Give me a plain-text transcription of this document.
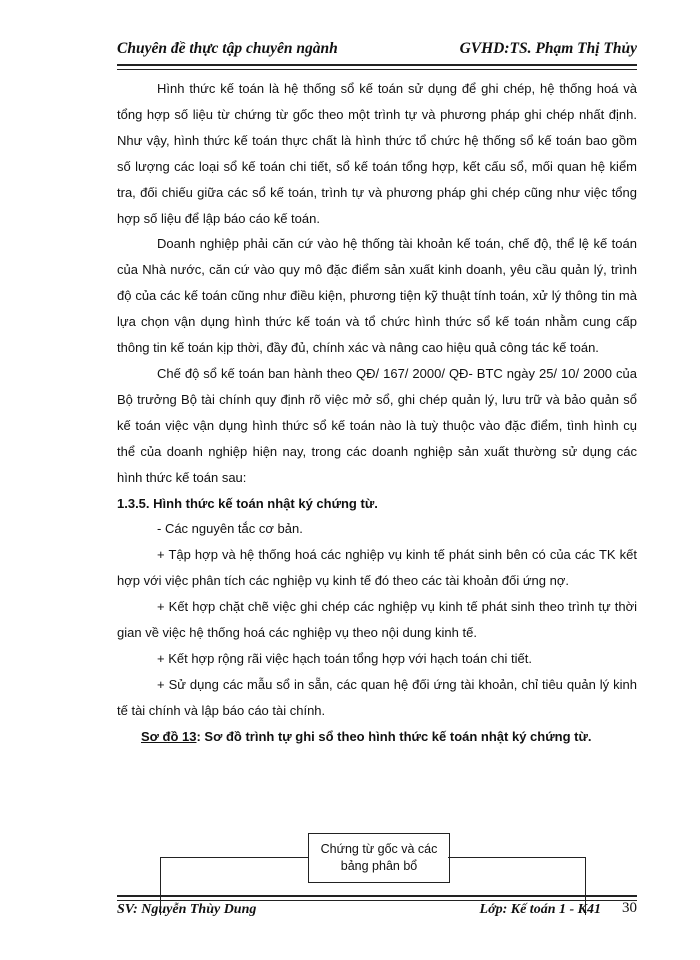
Chuyên đề thực tập chuyên ngành	GVHD:TS. Phạm Thị Thủy

Hình thức kế toán là hệ thống sổ kế toán sử dụng để ghi chép, hệ thống hoá và tổng hợp số liệu từ chứng từ gốc theo một trình tự và phương pháp ghi chép nhất định. Như vậy, hình thức kế toán thực chất là hình thức tổ chức hệ thống sổ kế toán bao gồm số lượng các loại sổ kế toán chi tiết, sổ kế toán tổng hợp, kết cấu sổ, mối quan hệ kiểm tra, đối chiếu giữa các sổ kế toán, trình tự và phương pháp ghi chép cũng như việc tổng hợp số liệu để lập báo cáo kế toán.

Doanh nghiệp phải căn cứ vào hệ thống tài khoản kế toán, chế độ, thể lệ kế toán của Nhà nước, căn cứ vào quy mô đặc điểm sản xuất kinh doanh, yêu cầu quản lý, trình độ của các kế toán cũng như điều kiện, phương tiện kỹ thuật tính toán, xử lý thông tin mà lựa chọn vận dụng hình thức kế toán và tổ chức hình thức sổ kế toán nhằm cung cấp thông tin kế toán kịp thời, đầy đủ, chính xác và nâng cao hiệu quả công tác kế toán.

Chế độ sổ kế toán ban hành theo QĐ/ 167/ 2000/ QĐ- BTC ngày 25/ 10/ 2000 của Bộ trưởng Bộ tài chính quy định rõ việc mở sổ, ghi chép quản lý, lưu trữ và bảo quản sổ kế toán việc vận dụng hình thức sổ kế toán nào là tuỳ thuộc vào đặc điểm, tình hình cụ thể của doanh nghiệp hiện nay, trong các doanh nghiệp sản xuất thường sử dụng các hình thức kế toán sau:

1.3.5. Hình thức kế toán nhật ký chứng từ.

- Các nguyên tắc cơ bản.

+ Tập hợp và hệ thống hoá các nghiệp vụ kinh tế phát sinh bên có của các TK kết hợp với việc phân tích các nghiệp vụ kinh tế đó theo các tài khoản đối ứng nợ.

+ Kết hợp chặt chẽ việc ghi chép các nghiệp vụ kinh tế phát sinh theo trình tự thời gian về việc hệ thống hoá các nghiệp vụ theo nội dung kinh tế.

+ Kết hợp rộng rãi việc hạch toán tổng hợp với hạch toán chi tiết.

+ Sử dụng các mẫu sổ in sẵn, các quan hệ đối ứng tài khoản, chỉ tiêu quản lý kinh tế tài chính và lập báo cáo tài chính.

Sơ đồ 13: Sơ đồ trình tự ghi sổ theo hình thức kế toán nhật ký chứng từ.

Chứng từ gốc và các
bảng phân bổ
SV: Nguyễn Thùy Dung	Lớp: Kế toán 1 - K41 30
